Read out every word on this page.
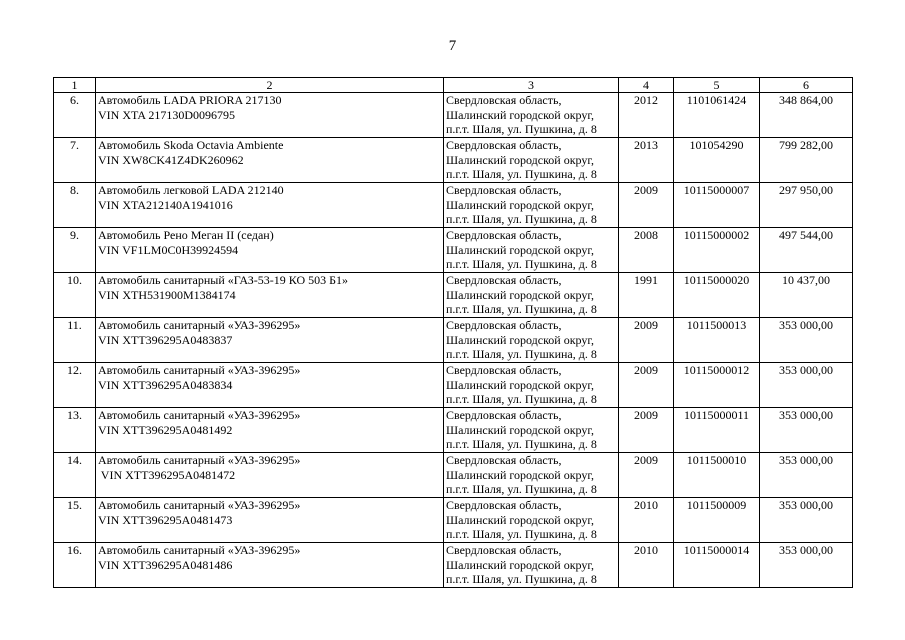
7
1	2	3	4	5	6
6.	Автомобиль LADA PRIORA 217130
VIN XTA 217130D0096795	Свердловская область,
Шалинский городской округ,
п.г.т. Шаля, ул. Пушкина, д. 8	2012	1101061424	348 864,00
7.	Автомобиль Skoda Octavia Ambiente
VIN XW8CK41Z4DK260962	Свердловская область,
Шалинский городской округ,
п.г.т. Шаля, ул. Пушкина, д. 8	2013	101054290	799 282,00
8.	Автомобиль легковой LADA 212140
VIN XTA212140A1941016	Свердловская область,
Шалинский городской округ,
п.г.т. Шаля, ул. Пушкина, д. 8	2009	10115000007	297 950,00
9.	Автомобиль Рено Меган II (седан)
VIN VF1LM0C0H39924594	Свердловская область,
Шалинский городской округ,
п.г.т. Шаля, ул. Пушкина, д. 8	2008	10115000002	497 544,00
10.	Автомобиль санитарный «ГАЗ-53-19 КО 503 Б1»
VIN XTH531900M1384174	Свердловская область,
Шалинский городской округ,
п.г.т. Шаля, ул. Пушкина, д. 8	1991	10115000020	10 437,00
11.	Автомобиль санитарный «УАЗ-396295»
VIN XTT396295A0483837	Свердловская область,
Шалинский городской округ,
п.г.т. Шаля, ул. Пушкина, д. 8	2009	1011500013	353 000,00
12.	Автомобиль санитарный «УАЗ-396295»
VIN XTT396295A0483834	Свердловская область,
Шалинский городской округ,
п.г.т. Шаля, ул. Пушкина, д. 8	2009	10115000012	353 000,00
13.	Автомобиль санитарный «УАЗ-396295»
VIN XTT396295A0481492	Свердловская область,
Шалинский городской округ,
п.г.т. Шаля, ул. Пушкина, д. 8	2009	10115000011	353 000,00
14.	Автомобиль санитарный «УАЗ-396295»
VIN XTT396295A0481472	Свердловская область,
Шалинский городской округ,
п.г.т. Шаля, ул. Пушкина, д. 8	2009	1011500010	353 000,00
15.	Автомобиль санитарный «УАЗ-396295»
VIN XTT396295A0481473	Свердловская область,
Шалинский городской округ,
п.г.т. Шаля, ул. Пушкина, д. 8	2010	1011500009	353 000,00
16.	Автомобиль санитарный «УАЗ-396295»
VIN XTT396295A0481486	Свердловская область,
Шалинский городской округ,
п.г.т. Шаля, ул. Пушкина, д. 8	2010	10115000014	353 000,00
